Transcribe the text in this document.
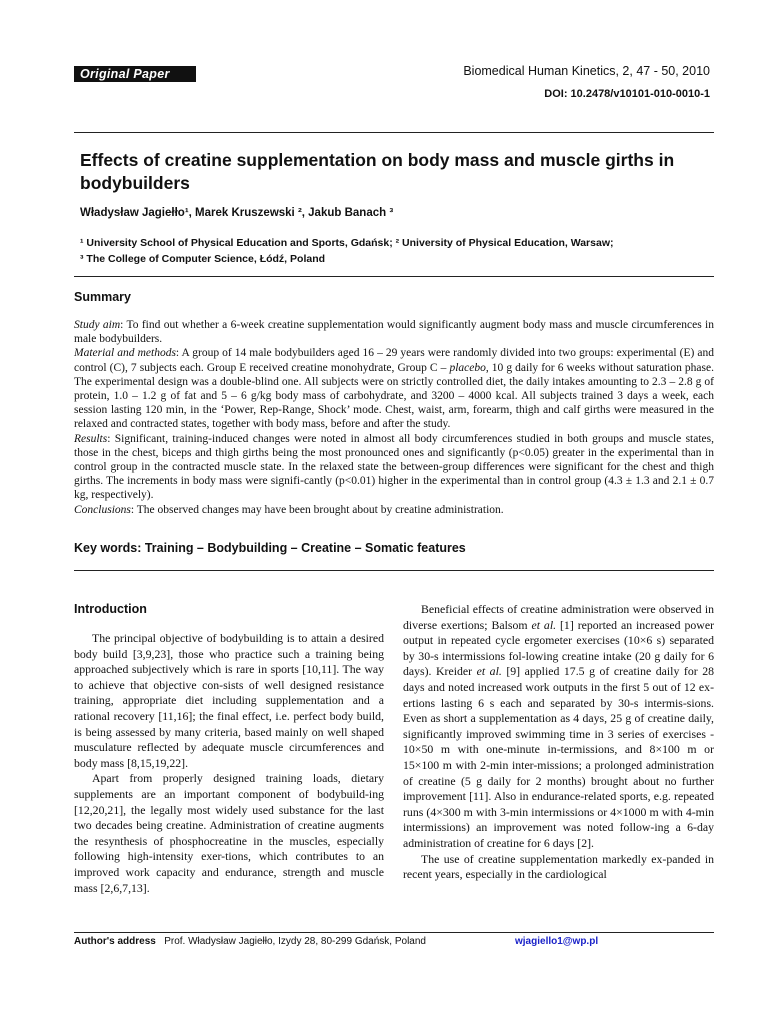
Original Paper	Biomedical Human Kinetics, 2, 47 - 50, 2010
DOI: 10.2478/v10101-010-0010-1
Effects of creatine supplementation on body mass and muscle girths in bodybuilders
Władysław Jagiełło¹, Marek Kruszewski ², Jakub Banach ³
¹ University School of Physical Education and Sports, Gdańsk; ² University of Physical Education, Warsaw;
³ The College of Computer Science, Łódź, Poland
Summary

Study aim: To find out whether a 6-week creatine supplementation would significantly augment body mass and muscle circumferences in male bodybuilders.

Material and methods: A group of 14 male bodybuilders aged 16 – 29 years were randomly divided into two groups: experimental (E) and control (C), 7 subjects each. Group E received creatine monohydrate, Group C – placebo, 10 g daily for 6 weeks without saturation phase. The experimental design was a double-blind one. All subjects were on strictly controlled diet, the daily intakes amounting to 2.3 – 2.8 g of protein, 1.0 – 1.2 g of fat and 5 – 6 g/kg body mass of carbohydrate, and 3200 – 4000 kcal. All subjects trained 3 days a week, each session lasting 120 min, in the ‘Power, Rep-Range, Shock’ mode. Chest, waist, arm, forearm, thigh and calf girths were measured in the relaxed and contracted states, together with body mass, before and after the study.

Results: Significant, training-induced changes were noted in almost all body circumferences studied in both groups and muscle states, those in the chest, biceps and thigh girths being the most pronounced ones and significantly (p<0.05) greater in the experimental than in control group in the contracted muscle state. In the relaxed state the between-group differences were significant for the chest and thigh girths. The increments in body mass were signifi-cantly (p<0.01) higher in the experimental than in control group (4.3 ± 1.3 and 2.1 ± 0.7 kg, respectively).

Conclusions: The observed changes may have been brought about by creatine administration.

Key words: Training – Bodybuilding – Creatine – Somatic features
Introduction

The principal objective of bodybuilding is to attain a desired body build [3,9,23], those who practice such a training being approached subjectively which is rare in sports [10,11]. The way to achieve that objective con-sists of well designed resistance training, appropriate diet including supplementation and a rational recovery [11,16]; the final effect, i.e. perfect body build, is being assessed by many criteria, based mainly on well shaped musculature reflected by adequate muscle circumferences and body mass [8,15,19,22].

Apart from properly designed training loads, dietary supplements are an important component of bodybuild-ing [12,20,21], the legally most widely used substance for the last two decades being creatine. Administration of creatine augments the resynthesis of phosphocreatine in the muscles, especially following high-intensity exer-tions, which contributes to an improved work capacity and endurance, strength and muscle mass [2,6,7,13].

Beneficial effects of creatine administration were observed in diverse exertions; Balsom et al. [1] reported an increased power output in repeated cycle ergometer exercises (10×6 s) separated by 30-s intermissions fol-lowing creatine intake (20 g daily for 6 days). Kreider et al. [9] applied 17.5 g of creatine daily for 28 days and noted increased work outputs in the first 5 out of 12 ex-ertions lasting 6 s each and separated by 30-s intermis-sions. Even as short a supplementation as 4 days, 25 g of creatine daily, significantly improved swimming time in 3 series of exercises - 10×50 m with one-minute in-termissions, and 8×100 m or 15×100 m with 2-min inter-missions; a prolonged administration of creatine (5 g daily for 2 months) brought about no further improvement [11]. Also in endurance-related sports, e.g. repeated runs (4×300 m with 3-min intermissions or 4×1000 m with 4-min intermissions) an improvement was noted follow-ing a 6-day administration of creatine for 6 days [2].

The use of creatine supplementation markedly ex-panded in recent years, especially in the cardiological

Author's address Prof. Władysław Jagiełło, Izydy 28, 80-299 Gdańsk, Poland	wjagiello1@wp.pl
